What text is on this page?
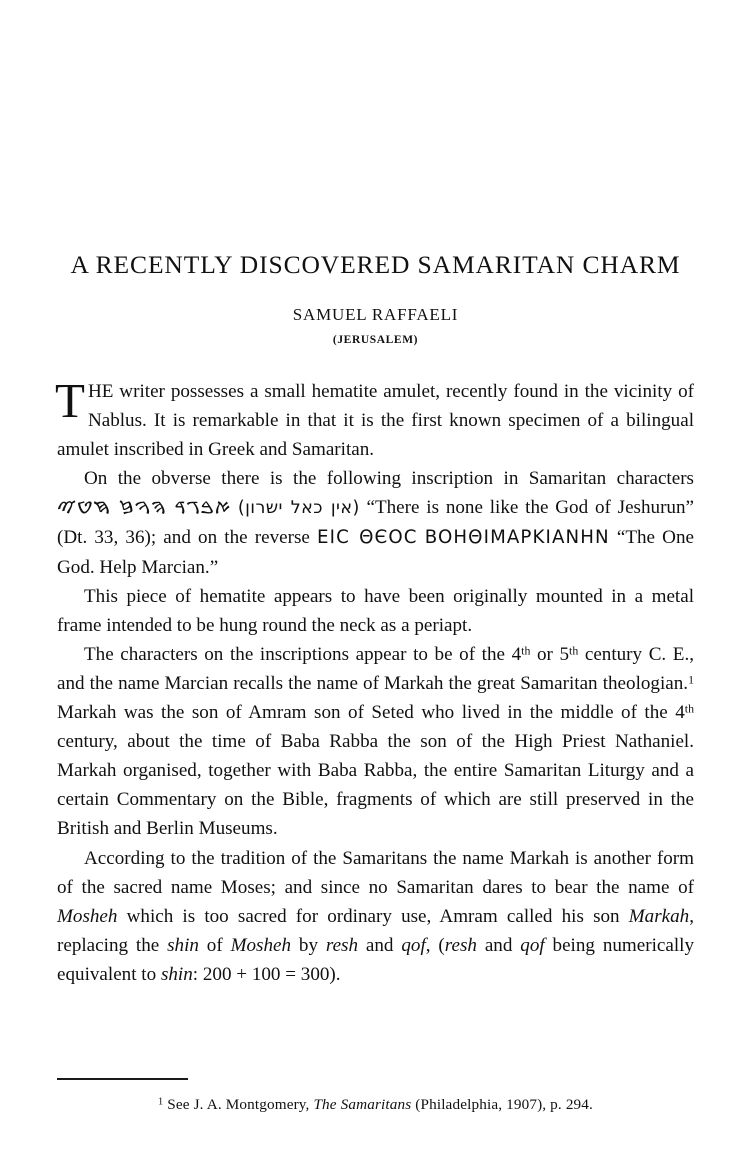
A RECENTLY DISCOVERED SAMARITAN CHARM
SAMUEL RAFFAELI
(JERUSALEM)

THE writer possesses a small hematite amulet, recently found in the vicinity of Nablus. It is remarkable in that it is the first known specimen of a bilingual amulet inscribed in Greek and Samaritan.

On the obverse there is the following inscription in Samaritan characters ࠀࠁࠂࠃ ࠄࠅࠆ ࠇࠈࠉ (אין כאל ישרון) “There is none like the God of Jeshurun” (Dt. 33, 36); and on the reverse ΕΙC ΘЄOC BOHΘIMAPKIANHN “The One God. Help Marcian.”

This piece of hematite appears to have been originally mounted in a metal frame intended to be hung round the neck as a periapt.

The characters on the inscriptions appear to be of the 4th or 5th century C. E., and the name Marcian recalls the name of Markah the great Samaritan theologian.$^1$ Markah was the son of Amram son of Seted who lived in the middle of the 4th century, about the time of Baba Rabba the son of the High Priest Nathaniel. Markah organised, together with Baba Rabba, the entire Samaritan Liturgy and a certain Commentary on the Bible, fragments of which are still preserved in the British and Berlin Museums.

According to the tradition of the Samaritans the name Markah is another form of the sacred name Moses; and since no Samaritan dares to bear the name of Mosheh which is too sacred for ordinary use, Amram called his son Markah, replacing the shin of Mosheh by resh and qof, (resh and qof being numerically equivalent to shin: 200 + 100 = 300).

$^1$ See J. A. Montgomery, The Samaritans (Philadelphia, 1907), p. 294.
